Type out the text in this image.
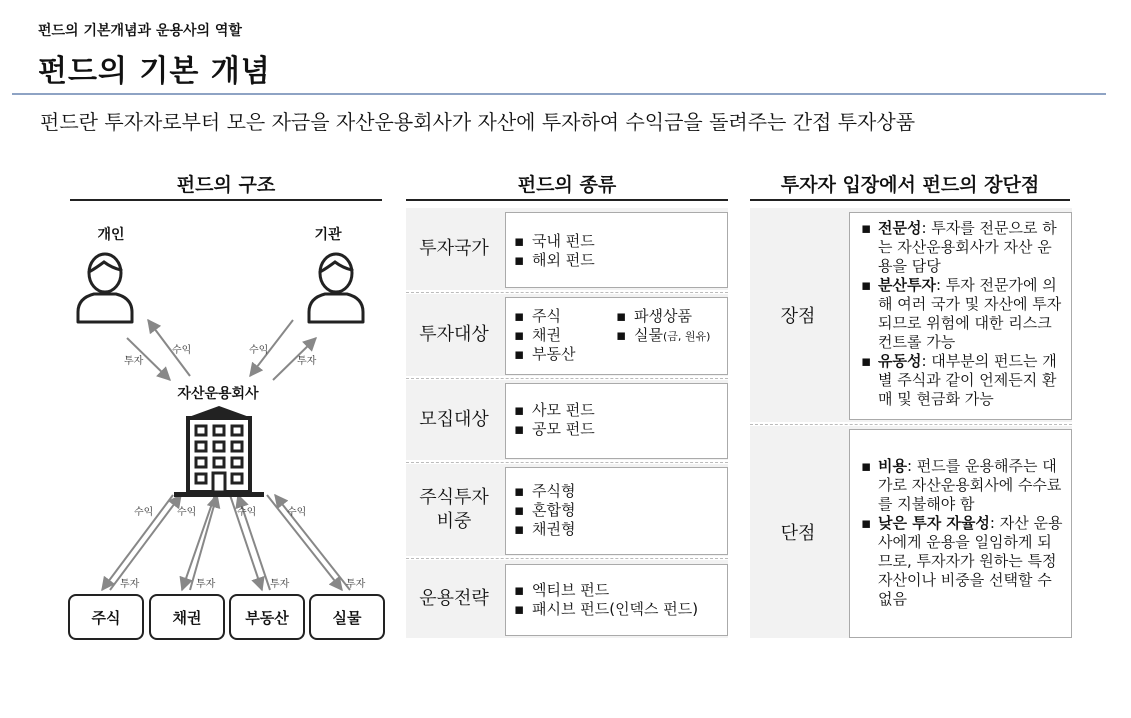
펀드의 기본개념과 운용사의 역할
펀드의 기본 개념
펀드란 투자자로부터 모은 자금을 자산운용회사가 자산에 투자하여 수익금을 돌려주는 간접 투자상품
펀드의 구조
개인	기관
투자
수익	수익
투자
수익 수익	수익	수익
투자	투자	투자	투자
자산운용회사
주식	채권	부동산	실물
펀드의 종류
투자국가	▪ 국내 펀드
▪ 해외 펀드
투자대상
▪ 주식
▪ 채권
▪ 부동산
▪ 파생상품
▪ 실물(금, 원유)
모집대상	▪ 사모 펀드
▪ 공모 펀드
주식투자
비중
▪ 주식형
▪ 혼합형
▪ 채권형
운용전략	▪ 엑티브 펀드
▪ 패시브 펀드(인덱스 펀드)
투자자 입장에서 펀드의 장단점
장점
▪ 전문성: 투자를 전문으로 하는 자산운용회사가 자산 운용을 담당
▪ 분산투자: 투자 전문가에 의해 여러 국가 및 자산에 투자 되므로 위험에 대한 리스크 컨트롤 가능
▪ 유동성: 대부분의 펀드는 개별 주식과 같이 언제든지 환매 및 현금화 가능
단점
▪ 비용: 펀드를 운용해주는 대가로 자산운용회사에 수수료를 지불해야 함
▪ 낮은 투자 자율성: 자산 운용사에게 운용을 일임하게 되므로, 투자자가 원하는 특정 자산이나 비중을 선택할 수 없음
